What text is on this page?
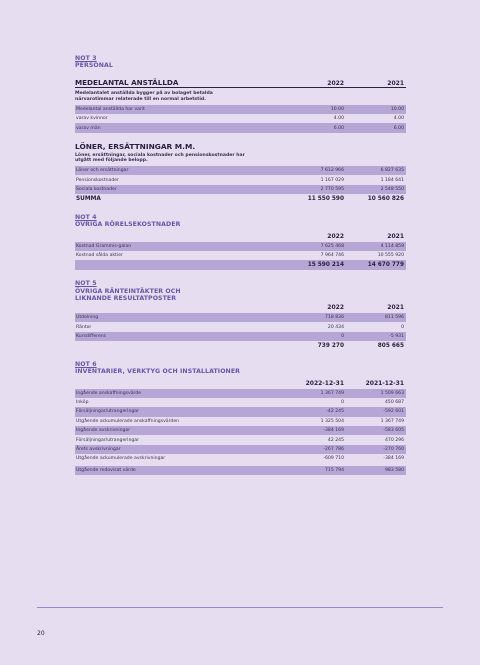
NOT 3
PERSONAL
MEDELANTAL ANSTÄLLDA	2022	2021
Medelantalet anställda bygger på av bolaget betalda närvarotimmar relaterade till en normal arbetstid.
Medelantal anställda har varit	10.00	10.00
varav kvinnor	4.00	4.00
varav män	6.00	6.00
LÖNER, ERSÄTTNINGAR M.M.
Löner, ersättningar, sociala kostnader och pensionskostnader har utgått med följande belopp.
Löner och ersättningar	7 612 966	6 827 635
Pensionskostnader	1 167 029	1 184 641
Sociala kostnader	2 770 595	2 548 550
SUMMA	11 550 590	10 560 826
NOT 4
ÖVRIGA RÖRELSEKOSTNADER
2022	2021
Kostnad Grammis-galan	7 625 468	4 114 859
Kostnad sålda aktier	7 964 746	10 555 920
15 590 214	14 670 779
NOT 5
ÖVRIGA RÄNTEINTÄKTER OCH
LIKNANDE RESULTATPOSTER
2022	2021
Utdelning	718 836	811 596
Räntor	20 434	0
Kursdifferens	0	-5 931
739 270	805 665
NOT 6
INVENTARIER, VERKTYG OCH INSTALLATIONER
2022-12-31	2021-12-31
Ingående anskaffningsvärde	1 367 749	1 509 663
Inköp	0	450 687
Försäljningar/utrangeringar	-42 245	-592 601
Utgående ackumulerade anskaffningsvärden	1 325 504	1 367 749
Ingående avskrivningar	-384 169	-583 605
Försäljningar/utrangeringar	42 245	470 296
Årets avskrivningar	-267 786	-270 760
Utgående ackumulerade avskrivningar	-609 710	-384 169
Utgående redovisat värde	715 794	983 580
20
